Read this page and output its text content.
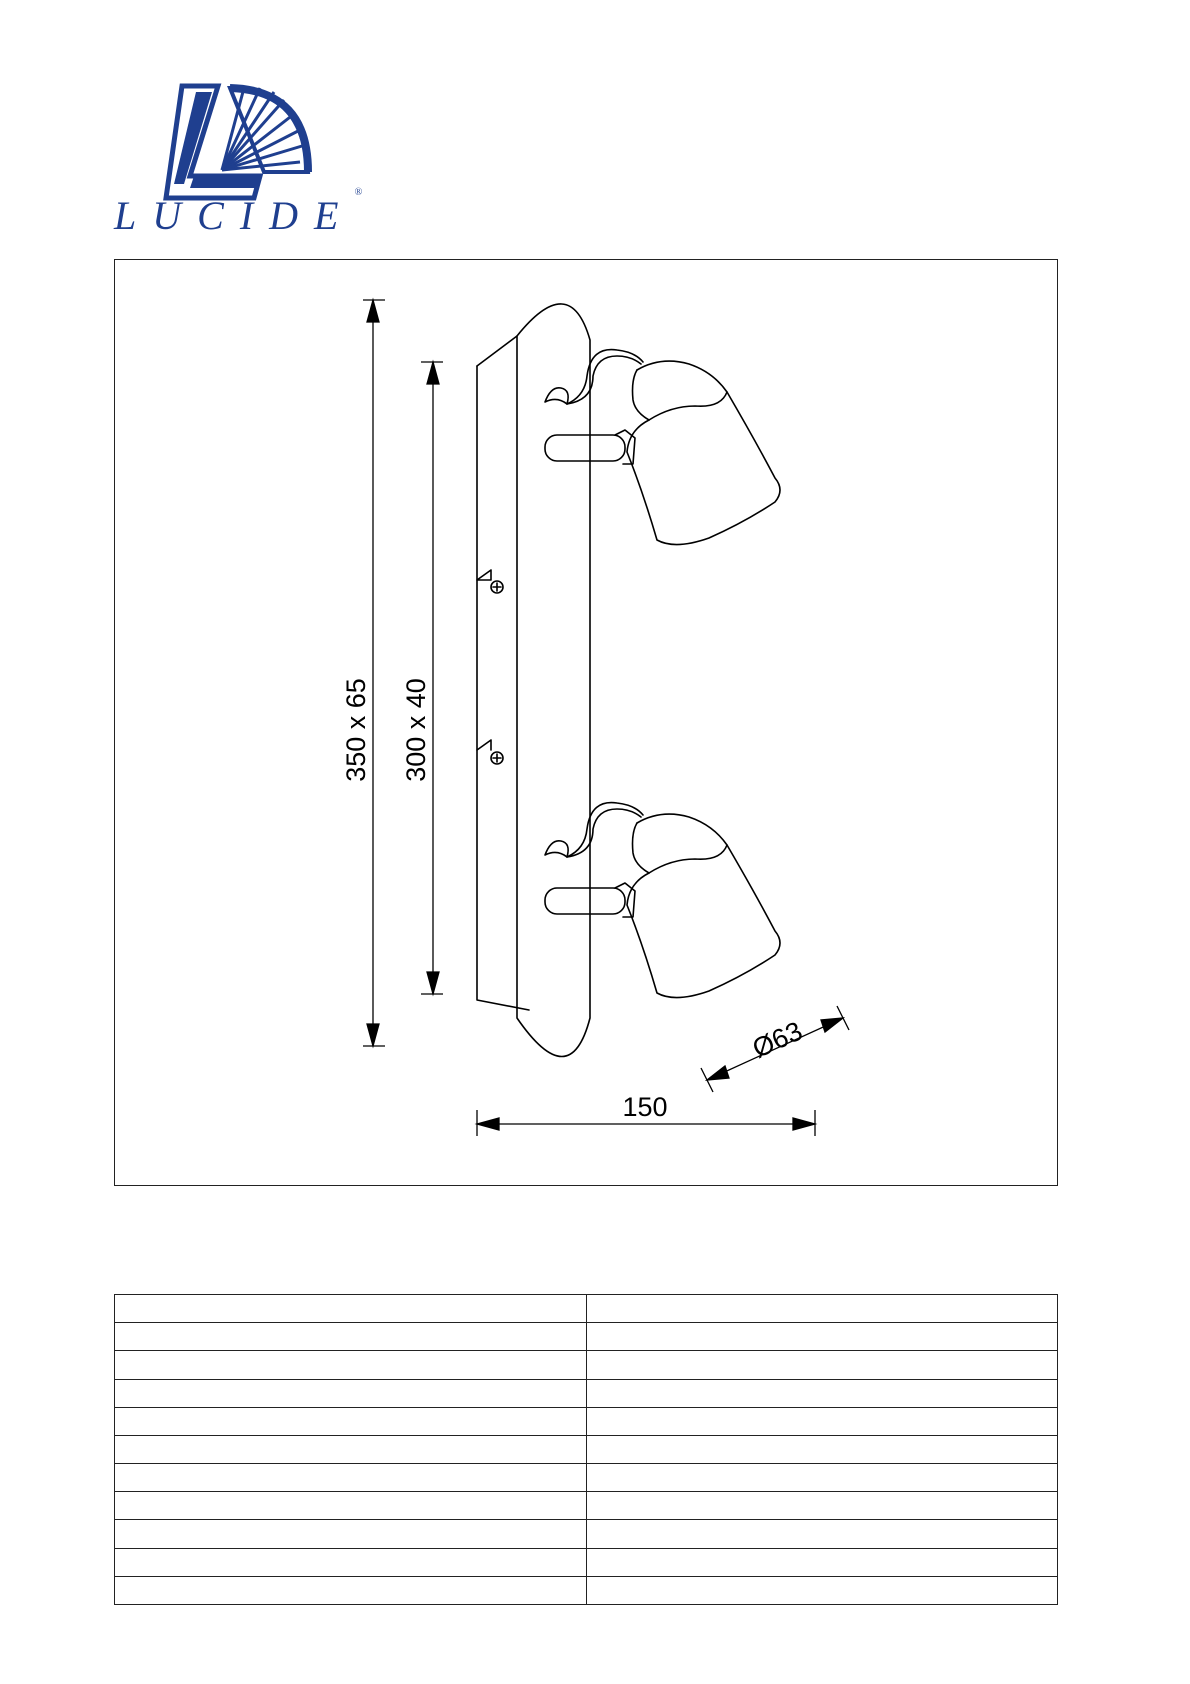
LUCIDE®
350 x 65 300 x 40
150
Ø63
